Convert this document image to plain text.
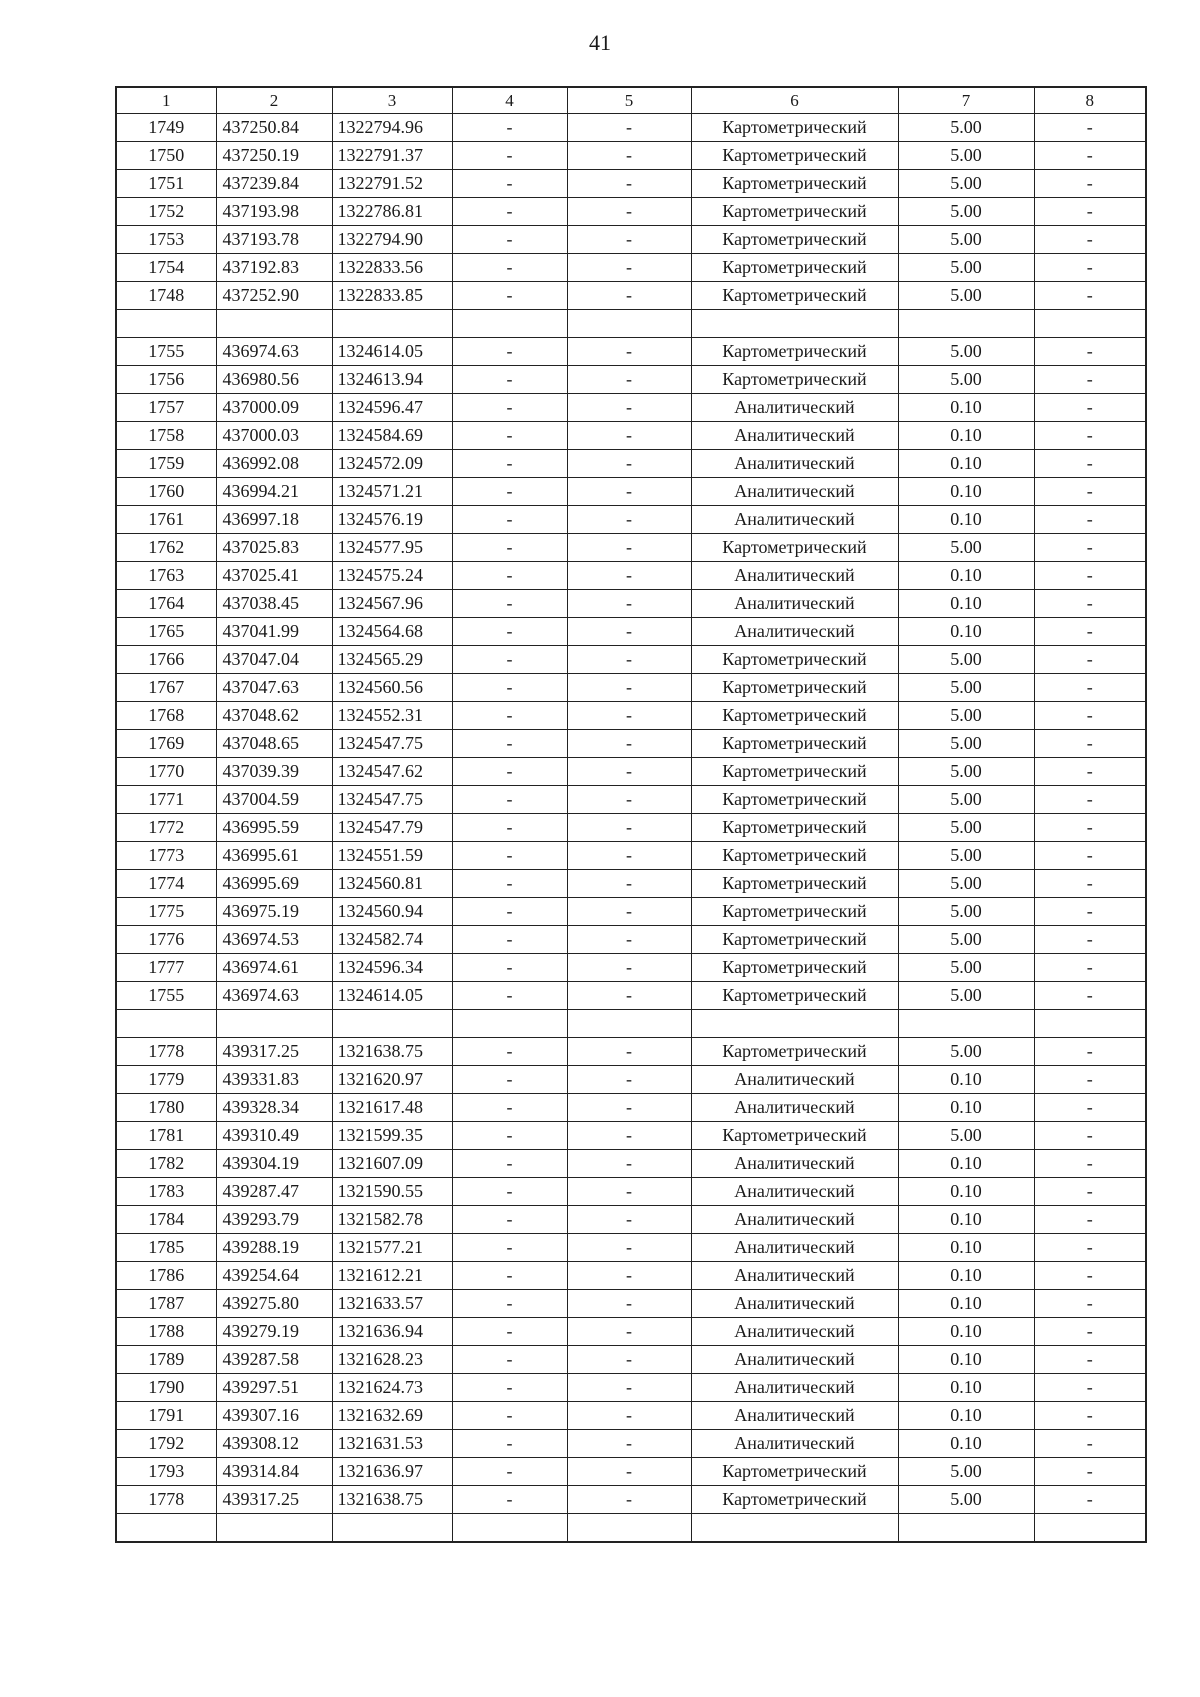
41
1	2	3	4	5	6	7	8
1749	437250.84	1322794.96	-	-	Картометрический	5.00	-
1750	437250.19	1322791.37	-	-	Картометрический	5.00	-
1751	437239.84	1322791.52	-	-	Картометрический	5.00	-
1752	437193.98	1322786.81	-	-	Картометрический	5.00	-
1753	437193.78	1322794.90	-	-	Картометрический	5.00	-
1754	437192.83	1322833.56	-	-	Картометрический	5.00	-
1748	437252.90	1322833.85	-	-	Картометрический	5.00	-

1755	436974.63	1324614.05	-	-	Картометрический	5.00	-
1756	436980.56	1324613.94	-	-	Картометрический	5.00	-
1757	437000.09	1324596.47	-	-	Аналитический	0.10	-
1758	437000.03	1324584.69	-	-	Аналитический	0.10	-
1759	436992.08	1324572.09	-	-	Аналитический	0.10	-
1760	436994.21	1324571.21	-	-	Аналитический	0.10	-
1761	436997.18	1324576.19	-	-	Аналитический	0.10	-
1762	437025.83	1324577.95	-	-	Картометрический	5.00	-
1763	437025.41	1324575.24	-	-	Аналитический	0.10	-
1764	437038.45	1324567.96	-	-	Аналитический	0.10	-
1765	437041.99	1324564.68	-	-	Аналитический	0.10	-
1766	437047.04	1324565.29	-	-	Картометрический	5.00	-
1767	437047.63	1324560.56	-	-	Картометрический	5.00	-
1768	437048.62	1324552.31	-	-	Картометрический	5.00	-
1769	437048.65	1324547.75	-	-	Картометрический	5.00	-
1770	437039.39	1324547.62	-	-	Картометрический	5.00	-
1771	437004.59	1324547.75	-	-	Картометрический	5.00	-
1772	436995.59	1324547.79	-	-	Картометрический	5.00	-
1773	436995.61	1324551.59	-	-	Картометрический	5.00	-
1774	436995.69	1324560.81	-	-	Картометрический	5.00	-
1775	436975.19	1324560.94	-	-	Картометрический	5.00	-
1776	436974.53	1324582.74	-	-	Картометрический	5.00	-
1777	436974.61	1324596.34	-	-	Картометрический	5.00	-
1755	436974.63	1324614.05	-	-	Картометрический	5.00	-

1778	439317.25	1321638.75	-	-	Картометрический	5.00	-
1779	439331.83	1321620.97	-	-	Аналитический	0.10	-
1780	439328.34	1321617.48	-	-	Аналитический	0.10	-
1781	439310.49	1321599.35	-	-	Картометрический	5.00	-
1782	439304.19	1321607.09	-	-	Аналитический	0.10	-
1783	439287.47	1321590.55	-	-	Аналитический	0.10	-
1784	439293.79	1321582.78	-	-	Аналитический	0.10	-
1785	439288.19	1321577.21	-	-	Аналитический	0.10	-
1786	439254.64	1321612.21	-	-	Аналитический	0.10	-
1787	439275.80	1321633.57	-	-	Аналитический	0.10	-
1788	439279.19	1321636.94	-	-	Аналитический	0.10	-
1789	439287.58	1321628.23	-	-	Аналитический	0.10	-
1790	439297.51	1321624.73	-	-	Аналитический	0.10	-
1791	439307.16	1321632.69	-	-	Аналитический	0.10	-
1792	439308.12	1321631.53	-	-	Аналитический	0.10	-
1793	439314.84	1321636.97	-	-	Картометрический	5.00	-
1778	439317.25	1321638.75	-	-	Картометрический	5.00	-
